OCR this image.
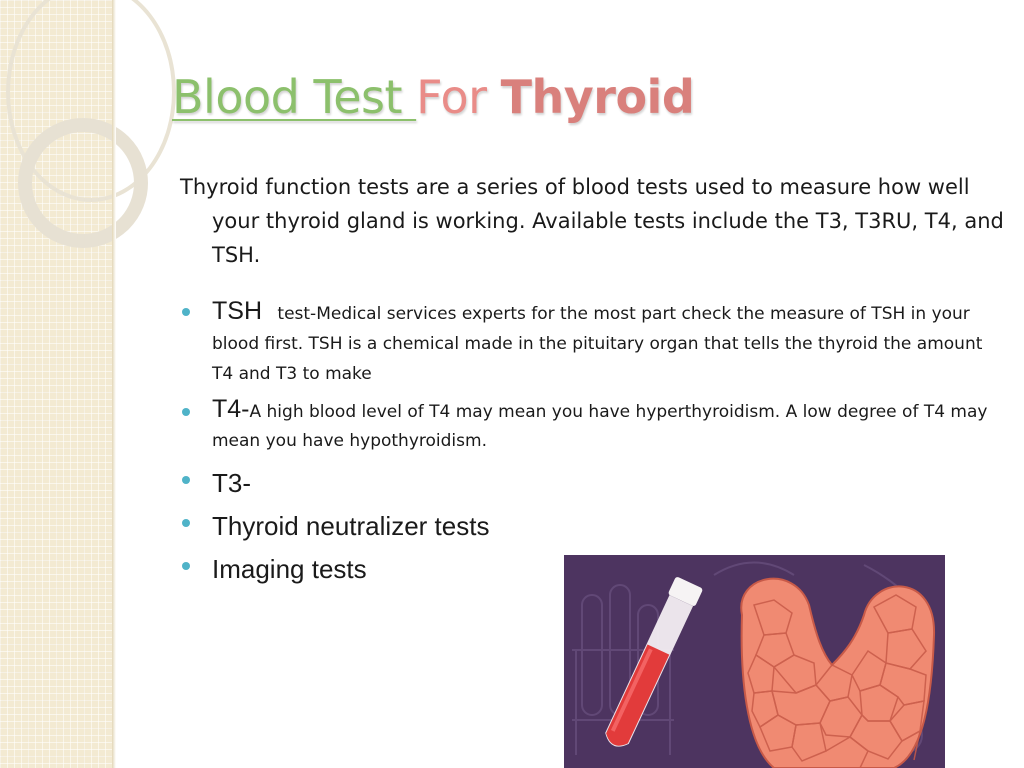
Blood Test For Thyroid

Thyroid function tests are a series of blood tests used to measure how well your thyroid gland is working. Available tests include the T3, T3RU, T4, and TSH.

TSH test-Medical services experts for the most part check the measure of TSH in your blood first. TSH is a chemical made in the pituitary organ that tells the thyroid the amount T4 and T3 to make
T4-A high blood level of T4 may mean you have hyperthyroidism. A low degree of T4 may mean you have hypothyroidism.
T3-
Thyroid neutralizer tests
Imaging tests
